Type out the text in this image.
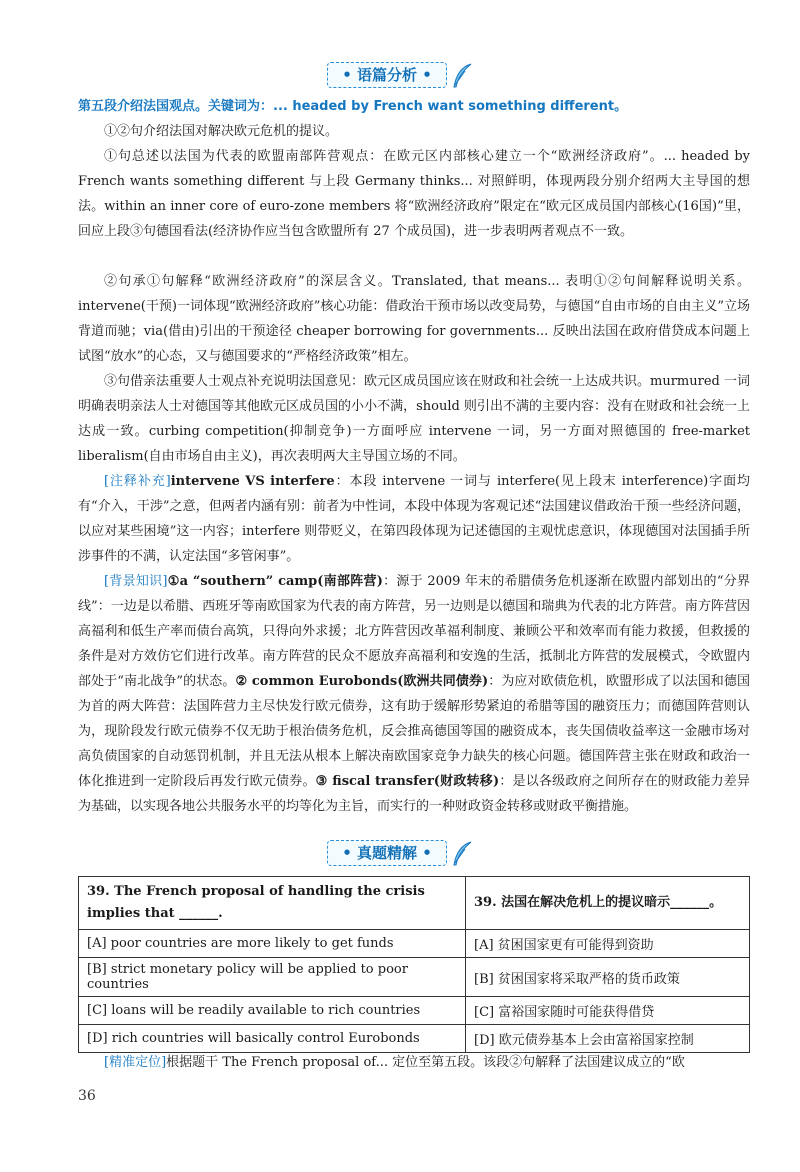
• 语篇分析 •
第五段介绍法国观点。关键词为：... headed by French want something different。
①②句介绍法国对解决欧元危机的提议。
①句总述以法国为代表的欧盟南部阵营观点：在欧元区内部核心建立一个“欧洲经济政府”。... headed by French wants something different 与上段 Germany thinks... 对照鲜明，体现两段分别介绍两大主导国的想法。within an inner core of euro-zone members 将“欧洲经济政府”限定在“欧元区成员国内部核心(16国)”里，回应上段③句德国看法(经济协作应当包含欧盟所有 27 个成员国)，进一步表明两者观点不一致。
②句承①句解释“欧洲经济政府”的深层含义。Translated, that means... 表明①②句间解释说明关系。intervene(干预)一词体现“欧洲经济政府”核心功能：借政治干预市场以改变局势，与德国“自由市场的自由主义”立场背道而驰；via(借由)引出的干预途径 cheaper borrowing for governments... 反映出法国在政府借贷成本问题上试图“放水”的心态，又与德国要求的“严格经济政策”相左。
③句借亲法重要人士观点补充说明法国意见：欧元区成员国应该在财政和社会统一上达成共识。murmured 一词明确表明亲法人士对德国等其他欧元区成员国的小小不满，should 则引出不满的主要内容：没有在财政和社会统一上达成一致。curbing competition(抑制竞争)一方面呼应 intervene 一词，另一方面对照德国的 free-market liberalism(自由市场自由主义)，再次表明两大主导国立场的不同。
[注释补充]intervene VS interfere：本段 intervene 一词与 interfere(见上段末 interference)字面均有“介入，干涉”之意，但两者内涵有别：前者为中性词，本段中体现为客观记述“法国建议借政治干预一些经济问题，以应对某些困境”这一内容；interfere 则带贬义，在第四段体现为记述德国的主观忧虑意识，体现德国对法国插手所涉事件的不满，认定法国“多管闲事”。
[背景知识]①a “southern” camp(南部阵营)：源于 2009 年末的希腊债务危机逐渐在欧盟内部划出的“分界线”：一边是以希腊、西班牙等南欧国家为代表的南方阵营，另一边则是以德国和瑞典为代表的北方阵营。南方阵营因高福利和低生产率而债台高筑，只得向外求援；北方阵营因改革福利制度、兼顾公平和效率而有能力救援，但救援的条件是对方效仿它们进行改革。南方阵营的民众不愿放弃高福利和安逸的生活，抵制北方阵营的发展模式，令欧盟内部处于“南北战争”的状态。② common Eurobonds(欧洲共同债券)：为应对欧债危机，欧盟形成了以法国和德国为首的两大阵营：法国阵营力主尽快发行欧元债券，这有助于缓解形势紧迫的希腊等国的融资压力；而德国阵营则认为，现阶段发行欧元债券不仅无助于根治债务危机，反会推高德国等国的融资成本，丧失国债收益率这一金融市场对高负债国家的自动惩罚机制，并且无法从根本上解决南欧国家竞争力缺失的核心问题。德国阵营主张在财政和政治一体化推进到一定阶段后再发行欧元债券。③ fiscal transfer(财政转移)：是以各级政府之间所存在的财政能力差异为基础，以实现各地公共服务水平的均等化为主旨，而实行的一种财政资金转移或财政平衡措施。
• 真题精解 •
39. The French proposal of handling the crisis implies that ______.	39. 法国在解决危机上的提议暗示______。
[A] poor countries are more likely to get funds	[A] 贫困国家更有可能得到资助
[B] strict monetary policy will be applied to poor countries	[B] 贫困国家将采取严格的货币政策
[C] loans will be readily available to rich countries	[C] 富裕国家随时可能获得借贷
[D] rich countries will basically control Eurobonds	[D] 欧元债券基本上会由富裕国家控制
[精准定位]根据题干 The French proposal of... 定位至第五段。该段②句解释了法国建议成立的“欧
36
